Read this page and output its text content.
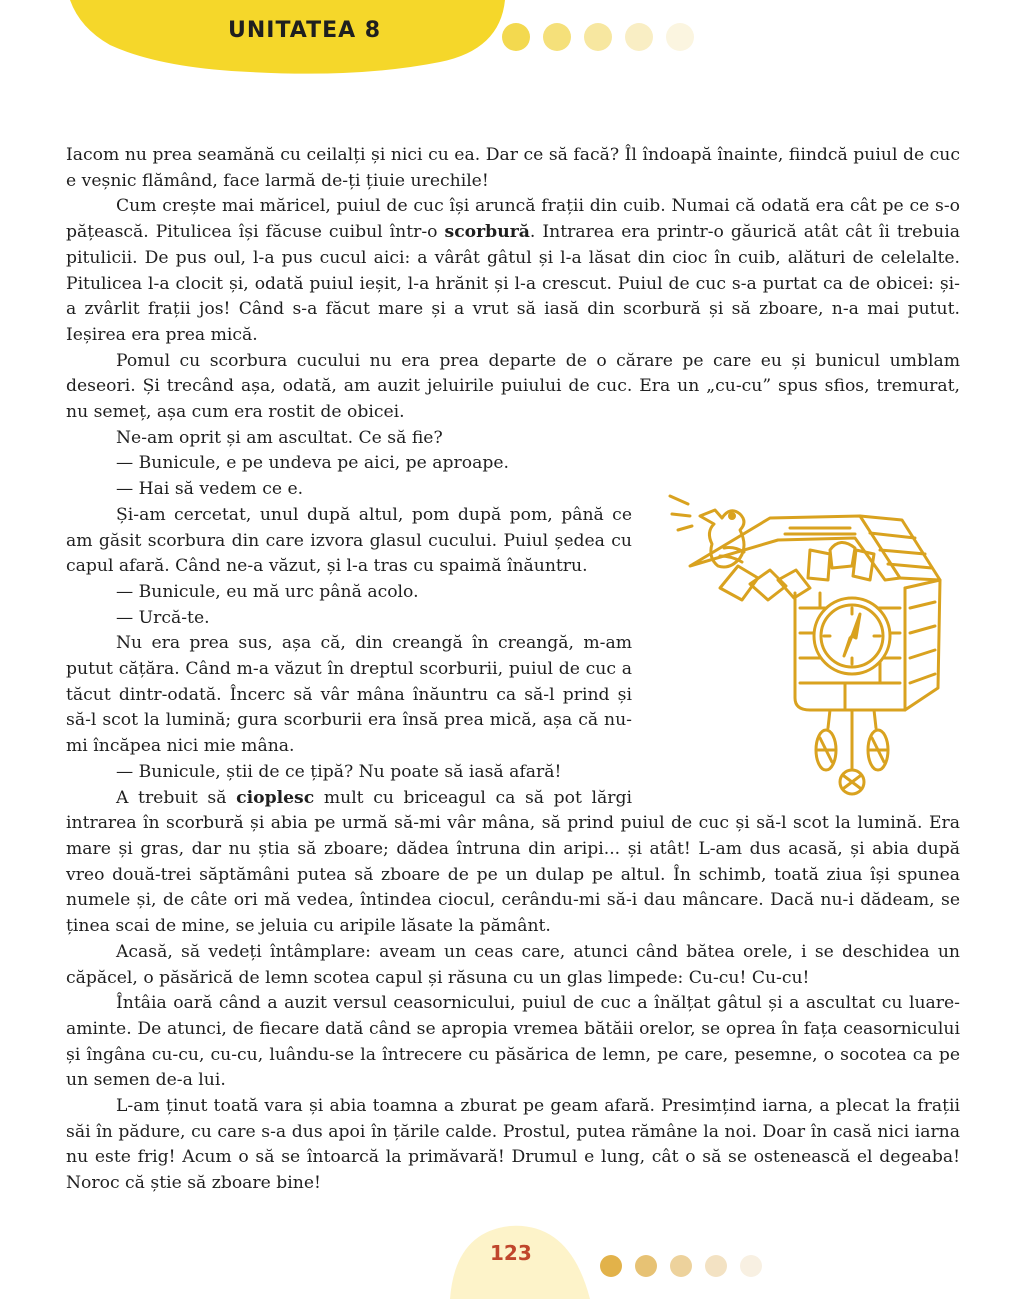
UNITATEA 8

Iacom nu prea seamănă cu ceilalți și nici cu ea. Dar ce să facă? Îl îndoapă înainte, fiindcă puiul de cuc e veșnic flămând, face larmă de-ți țiuie urechile!

Cum crește mai măricel, puiul de cuc își aruncă frații din cuib. Numai că odată era cât pe ce s-o pățească. Pitulicea își făcuse cuibul într-o scorbură. Intrarea era printr-o găurică atât cât îi trebuia pitulicii. De pus oul, l-a pus cucul aici: a vârât gâtul și l-a lăsat din cioc în cuib, alături de celelalte. Pitulicea l-a clocit și, odată puiul ieșit, l-a hrănit și l-a crescut. Puiul de cuc s-a purtat ca de obicei: și-a zvârlit frații jos! Când s-a făcut mare și a vrut să iasă din scorbură și să zboare, n-a mai putut. Ieșirea era prea mică.

Pomul cu scorbura cucului nu era prea departe de o cărare pe care eu și bunicul umblam deseori. Și trecând așa, odată, am auzit jeluirile puiului de cuc. Era un „cu-cu” spus sfios, tremurat, nu semeț, așa cum era rostit de obicei.

Ne-am oprit și am ascultat. Ce să fie?

— Bunicule, e pe undeva pe aici, pe aproape.

— Hai să vedem ce e.

Și-am cercetat, unul după altul, pom după pom, până ce am găsit scorbura din care izvora glasul cucului. Puiul ședea cu capul afară. Când ne-a văzut, și l-a tras cu spaimă înăuntru.

— Bunicule, eu mă urc până acolo.

— Urcă-te.

Nu era prea sus, așa că, din creangă în creangă, m-am putut cățăra. Când m-a văzut în dreptul scorburii, puiul de cuc a tăcut dintr-odată. Încerc să vâr mâna înăuntru ca să-l prind și să-l scot la lumină; gura scorburii era însă prea mică, așa că nu-mi încăpea nici mie mâna.

— Bunicule, știi de ce țipă? Nu poate să iasă afară!

A trebuit să cioplesc mult cu briceagul ca să pot lărgi intrarea în scorbură și abia pe urmă să-mi vâr mâna, să prind puiul de cuc și să-l scot la lumină. Era mare și gras, dar nu știa să zboare; dădea întruna din aripi... și atât! L-am dus acasă, și abia după vreo două-trei săptămâni putea să zboare de pe un dulap pe altul. În schimb, toată ziua își spunea numele și, de câte ori mă vedea, întindea ciocul, cerându-mi să-i dau mâncare. Dacă nu-i dădeam, se ținea scai de mine, se jeluia cu aripile lăsate la pământ.

Acasă, să vedeți întâmplare: aveam un ceas care, atunci când bătea orele, i se deschidea un căpăcel, o păsărică de lemn scotea capul și răsuna cu un glas limpede: Cu-cu! Cu-cu!

Întâia oară când a auzit versul ceasornicului, puiul de cuc a înălțat gâtul și a ascultat cu luare-aminte. De atunci, de fiecare dată când se apropia vremea bătăii orelor, se oprea în fața ceasornicului și îngâna cu-cu, cu-cu, luându-se la întrecere cu păsărica de lemn, pe care, pesemne, o socotea ca pe un semen de-a lui.

L-am ținut toată vara și abia toamna a zburat pe geam afară. Presimțind iarna, a plecat la frații săi în pădure, cu care s-a dus apoi în țările calde. Prostul, putea rămâne la noi. Doar în casă nici iarna nu este frig! Acum o să se întoarcă la primăvară! Drumul e lung, cât o să se ostenească el degeaba! Noroc că știe să zboare bine!

123
